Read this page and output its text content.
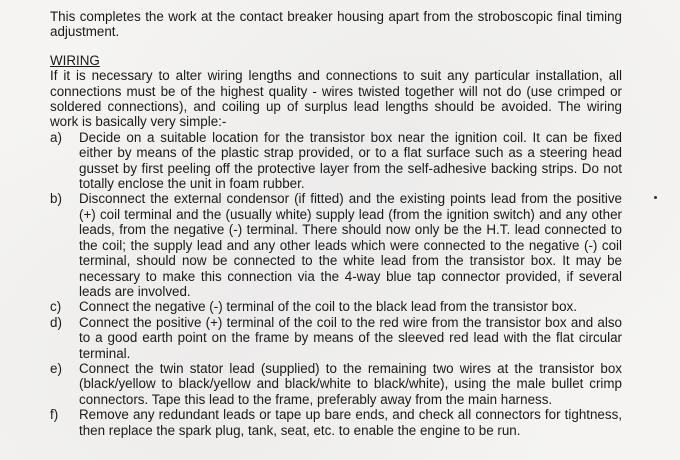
This completes the work at the contact breaker housing apart from the stroboscopic final timing adjustment.

WIRING

If it is necessary to alter wiring lengths and connections to suit any particular installation, all connections must be of the highest quality - wires twisted together will not do (use crimped or soldered connections), and coiling up of surplus lead lengths should be avoided. The wiring work is basically very simple:-

a)	Decide on a suitable location for the transistor box near the ignition coil. It can be fixed either by means of the plastic strap provided, or to a flat surface such as a steering head gusset by first peeling off the protective layer from the self-adhesive backing strips. Do not totally enclose the unit in foam rubber.
b)	Disconnect the external condensor (if fitted) and the existing points lead from the positive (+) coil terminal and the (usually white) supply lead (from the ignition switch) and any other leads, from the negative (-) terminal. There should now only be the H.T. lead connected to the coil; the supply lead and any other leads which were connected to the negative (-) coil terminal, should now be connected to the white lead from the transistor box. It may be necessary to make this connection via the 4-way blue tap connector provided, if several leads are involved.
c)	Connect the negative (-) terminal of the coil to the black lead from the transistor box.
d)	Connect the positive (+) terminal of the coil to the red wire from the transistor box and also to a good earth point on the frame by means of the sleeved red lead with the flat circular terminal.
e)	Connect the twin stator lead (supplied) to the remaining two wires at the transistor box (black/yellow to black/yellow and black/white to black/white), using the male bullet crimp connectors. Tape this lead to the frame, preferably away from the main harness.
f)	Remove any redundant leads or tape up bare ends, and check all connectors for tightness, then replace the spark plug, tank, seat, etc. to enable the engine to be run.
